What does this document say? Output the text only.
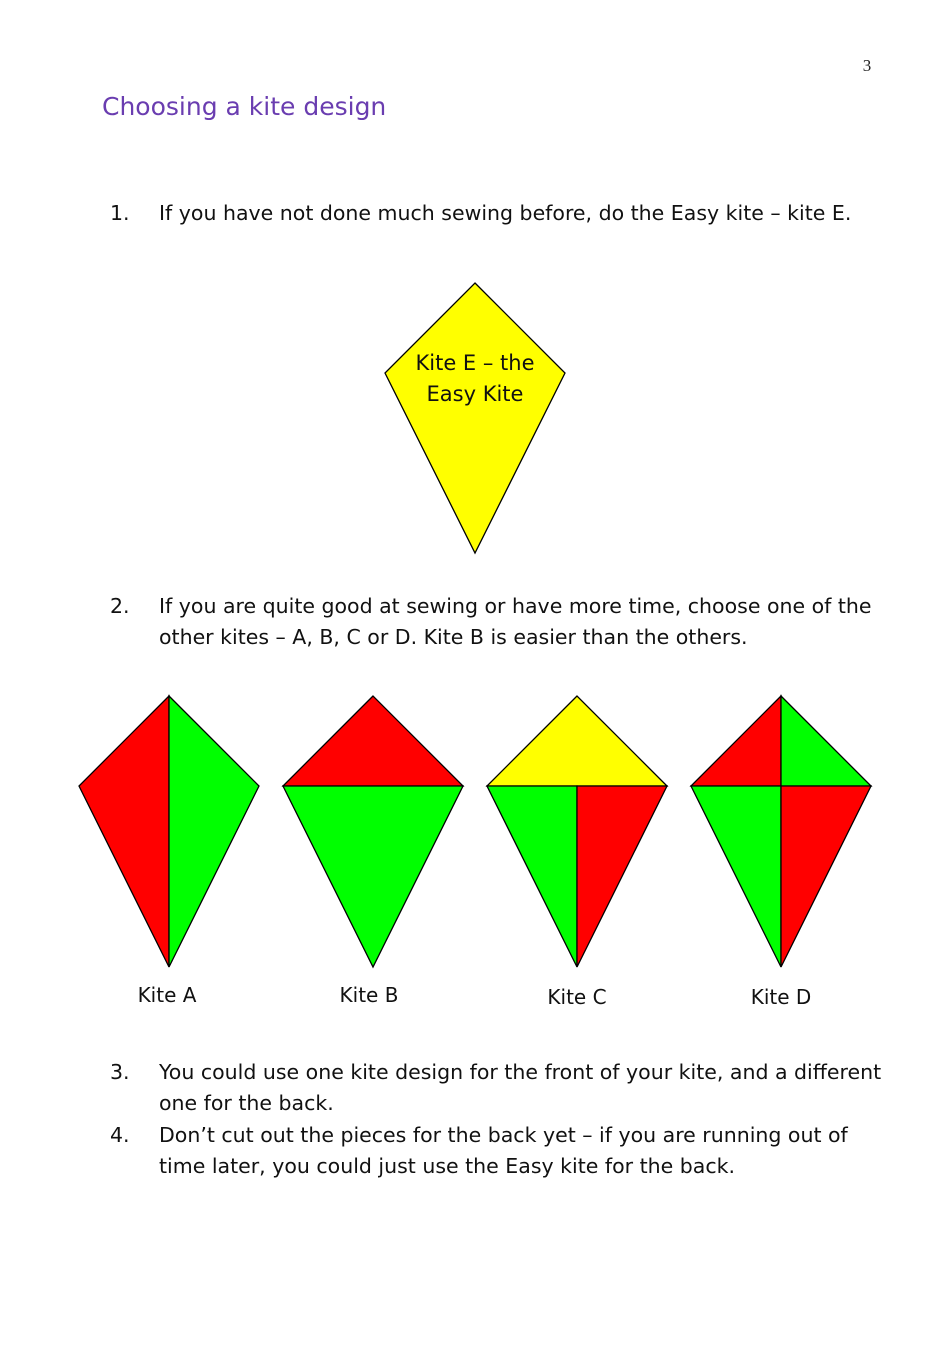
3
Choosing a kite design
1.	If you have not done much sewing before, do the Easy kite – kite E.
Kite E – the Easy Kite
2.	If you are quite good at sewing or have more time, choose one of the other kites – A, B, C or D. Kite B is easier than the others.
Kite A	Kite B	Kite C	Kite D
3.	You could use one kite design for the front of your kite, and a different one for the back.
4.	Don’t cut out the pieces for the back yet – if you are running out of time later, you could just use the Easy kite for the back.
